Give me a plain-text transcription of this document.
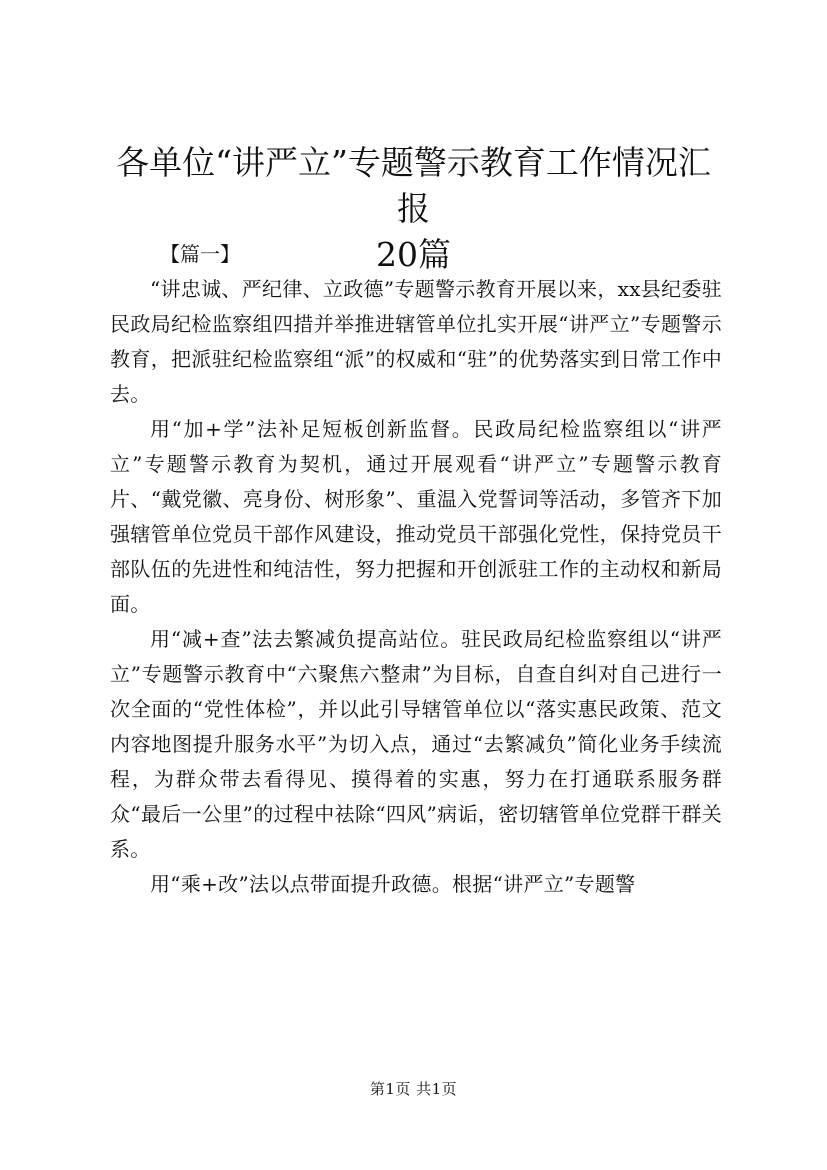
各单位“讲严立”专题警示教育工作情况汇报
20篇

【篇一】

“讲忠诚、严纪律、立政德”专题警示教育开展以来，xx县纪委驻民政局纪检监察组四措并举推进辖管单位扎实开展“讲严立”专题警示教育，把派驻纪检监察组“派”的权威和“驻”的优势落实到日常工作中去。

用“加+学”法补足短板创新监督。民政局纪检监察组以“讲严立”专题警示教育为契机，通过开展观看“讲严立”专题警示教育片、“戴党徽、亮身份、树形象”、重温入党誓词等活动，多管齐下加强辖管单位党员干部作风建设，推动党员干部强化党性，保持党员干部队伍的先进性和纯洁性，努力把握和开创派驻工作的主动权和新局面。

用“减+查”法去繁减负提高站位。驻民政局纪检监察组以“讲严立”专题警示教育中“六聚焦六整肃”为目标，自查自纠对自己进行一次全面的“党性体检”，并以此引导辖管单位以“落实惠民政策、范文内容地图提升服务水平”为切入点，通过“去繁减负”简化业务手续流程，为群众带去看得见、摸得着的实惠，努力在打通联系服务群众“最后一公里”的过程中祛除“四风”病诟，密切辖管单位党群干群关系。

用“乘+改”法以点带面提升政德。根据“讲严立”专题警

第1页 共1页
